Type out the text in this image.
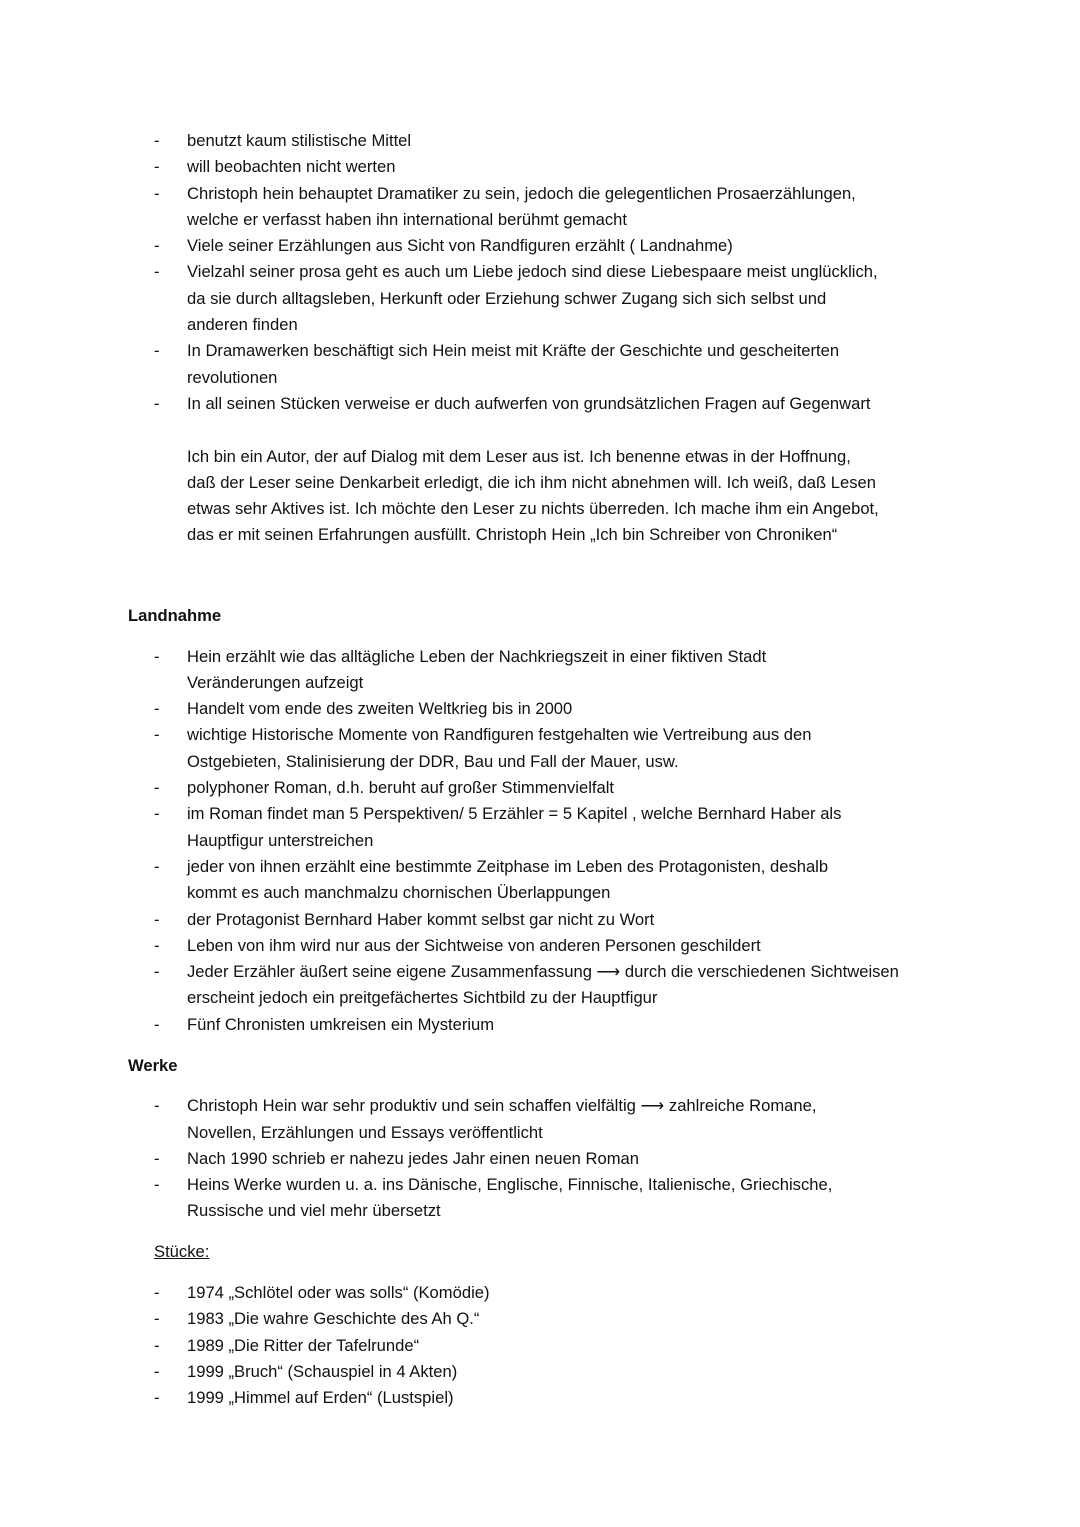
- benutzt kaum stilistische Mittel
- will beobachten nicht werten
- Christoph hein behauptet Dramatiker zu sein, jedoch die gelegentlichen Prosaerzählungen,
welche er verfasst haben ihn international berühmt gemacht
- Viele seiner Erzählungen aus Sicht von Randfiguren erzählt ( Landnahme)
- Vielzahl seiner prosa geht es auch um Liebe jedoch sind diese Liebespaare meist unglücklich,
da sie durch alltagsleben, Herkunft oder Erziehung schwer Zugang sich sich selbst und
anderen finden
- In Dramawerken beschäftigt sich Hein meist mit Kräfte der Geschichte und gescheiterten
revolutionen
- In all seinen Stücken verweise er duch aufwerfen von grundsätzlichen Fragen auf Gegenwart
Ich bin ein Autor, der auf Dialog mit dem Leser aus ist. Ich benenne etwas in der Hoffnung,
daß der Leser seine Denkarbeit erledigt, die ich ihm nicht abnehmen will. Ich weiß, daß Lesen
etwas sehr Aktives ist. Ich möchte den Leser zu nichts überreden. Ich mache ihm ein Angebot,
das er mit seinen Erfahrungen ausfüllt. Christoph Hein „Ich bin Schreiber von Chroniken“
Landnahme
- Hein erzählt wie das alltägliche Leben der Nachkriegszeit in einer fiktiven Stadt
Veränderungen aufzeigt
- Handelt vom ende des zweiten Weltkrieg bis in 2000
- wichtige Historische Momente von Randfiguren festgehalten wie Vertreibung aus den
Ostgebieten, Stalinisierung der DDR, Bau und Fall der Mauer, usw.
- polyphoner Roman, d.h. beruht auf großer Stimmenvielfalt
- im Roman findet man 5 Perspektiven/ 5 Erzähler = 5 Kapitel , welche Bernhard Haber als
Hauptfigur unterstreichen
- jeder von ihnen erzählt eine bestimmte Zeitphase im Leben des Protagonisten, deshalb
kommt es auch manchmalzu chornischen Überlappungen
- der Protagonist Bernhard Haber kommt selbst gar nicht zu Wort
- Leben von ihm wird nur aus der Sichtweise von anderen Personen geschildert
- Jeder Erzähler äußert seine eigene Zusammenfassung ⟶ durch die verschiedenen Sichtweisen
erscheint jedoch ein preitgefächertes Sichtbild zu der Hauptfigur
- Fünf Chronisten umkreisen ein Mysterium
Werke
- Christoph Hein war sehr produktiv und sein schaffen vielfältig ⟶ zahlreiche Romane,
Novellen, Erzählungen und Essays veröffentlicht
- Nach 1990 schrieb er nahezu jedes Jahr einen neuen Roman
- Heins Werke wurden u. a. ins Dänische, Englische, Finnische, Italienische, Griechische,
Russische und viel mehr übersetzt
Stücke:
- 1974 „Schlötel oder was solls“ (Komödie)
- 1983 „Die wahre Geschichte des Ah Q.“
- 1989 „Die Ritter der Tafelrunde“
- 1999 „Bruch“ (Schauspiel in 4 Akten)
- 1999 „Himmel auf Erden“ (Lustspiel)
